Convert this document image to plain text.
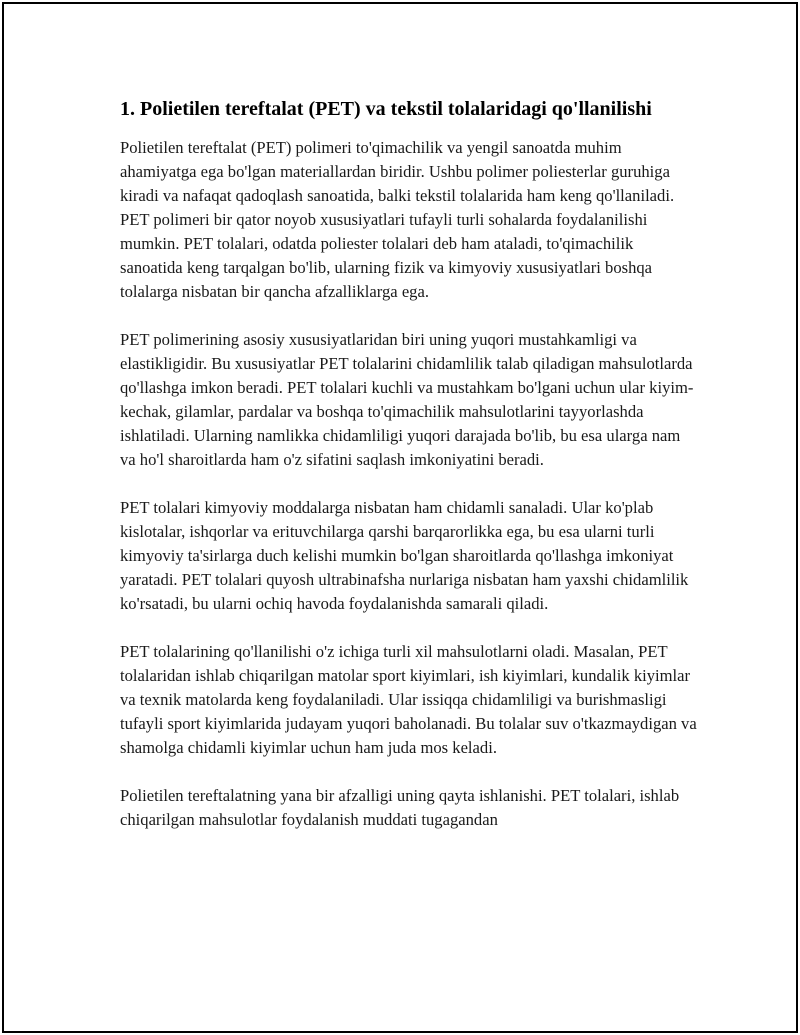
1. Polietilen tereftalat (PET) va tekstil tolalaridagi qo'llanilishi

Polietilen tereftalat (PET) polimeri to'qimachilik va yengil sanoatda muhim ahamiyatga ega bo'lgan materiallardan biridir. Ushbu polimer poliesterlar guruhiga kiradi va nafaqat qadoqlash sanoatida, balki tekstil tolalarida ham keng qo'llaniladi. PET polimeri bir qator noyob xususiyatlari tufayli turli sohalarda foydalanilishi mumkin. PET tolalari, odatda poliester tolalari deb ham ataladi, to'qimachilik sanoatida keng tarqalgan bo'lib, ularning fizik va kimyoviy xususiyatlari boshqa tolalarga nisbatan bir qancha afzalliklarga ega.

PET polimerining asosiy xususiyatlaridan biri uning yuqori mustahkamligi va elastikligidir. Bu xususiyatlar PET tolalarini chidamlilik talab qiladigan mahsulotlarda qo'llashga imkon beradi. PET tolalari kuchli va mustahkam bo'lgani uchun ular kiyim-kechak, gilamlar, pardalar va boshqa to'qimachilik mahsulotlarini tayyorlashda ishlatiladi. Ularning namlikka chidamliligi yuqori darajada bo'lib, bu esa ularga nam va ho'l sharoitlarda ham o'z sifatini saqlash imkoniyatini beradi.

PET tolalari kimyoviy moddalarga nisbatan ham chidamli sanaladi. Ular ko'plab kislotalar, ishqorlar va erituvchilarga qarshi barqarorlikka ega, bu esa ularni turli kimyoviy ta'sirlarga duch kelishi mumkin bo'lgan sharoitlarda qo'llashga imkoniyat yaratadi. PET tolalari quyosh ultrabinafsha nurlariga nisbatan ham yaxshi chidamlilik ko'rsatadi, bu ularni ochiq havoda foydalanishda samarali qiladi.

PET tolalarining qo'llanilishi o'z ichiga turli xil mahsulotlarni oladi. Masalan, PET tolalaridan ishlab chiqarilgan matolar sport kiyimlari, ish kiyimlari, kundalik kiyimlar va texnik matolarda keng foydalaniladi. Ular issiqqa chidamliligi va burishmasligi tufayli sport kiyimlarida judayam yuqori baholanadi. Bu tolalar suv o'tkazmaydigan va shamolga chidamli kiyimlar uchun ham juda mos keladi.

Polietilen tereftalatning yana bir afzalligi uning qayta ishlanishi. PET tolalari, ishlab chiqarilgan mahsulotlar foydalanish muddati tugagandan
